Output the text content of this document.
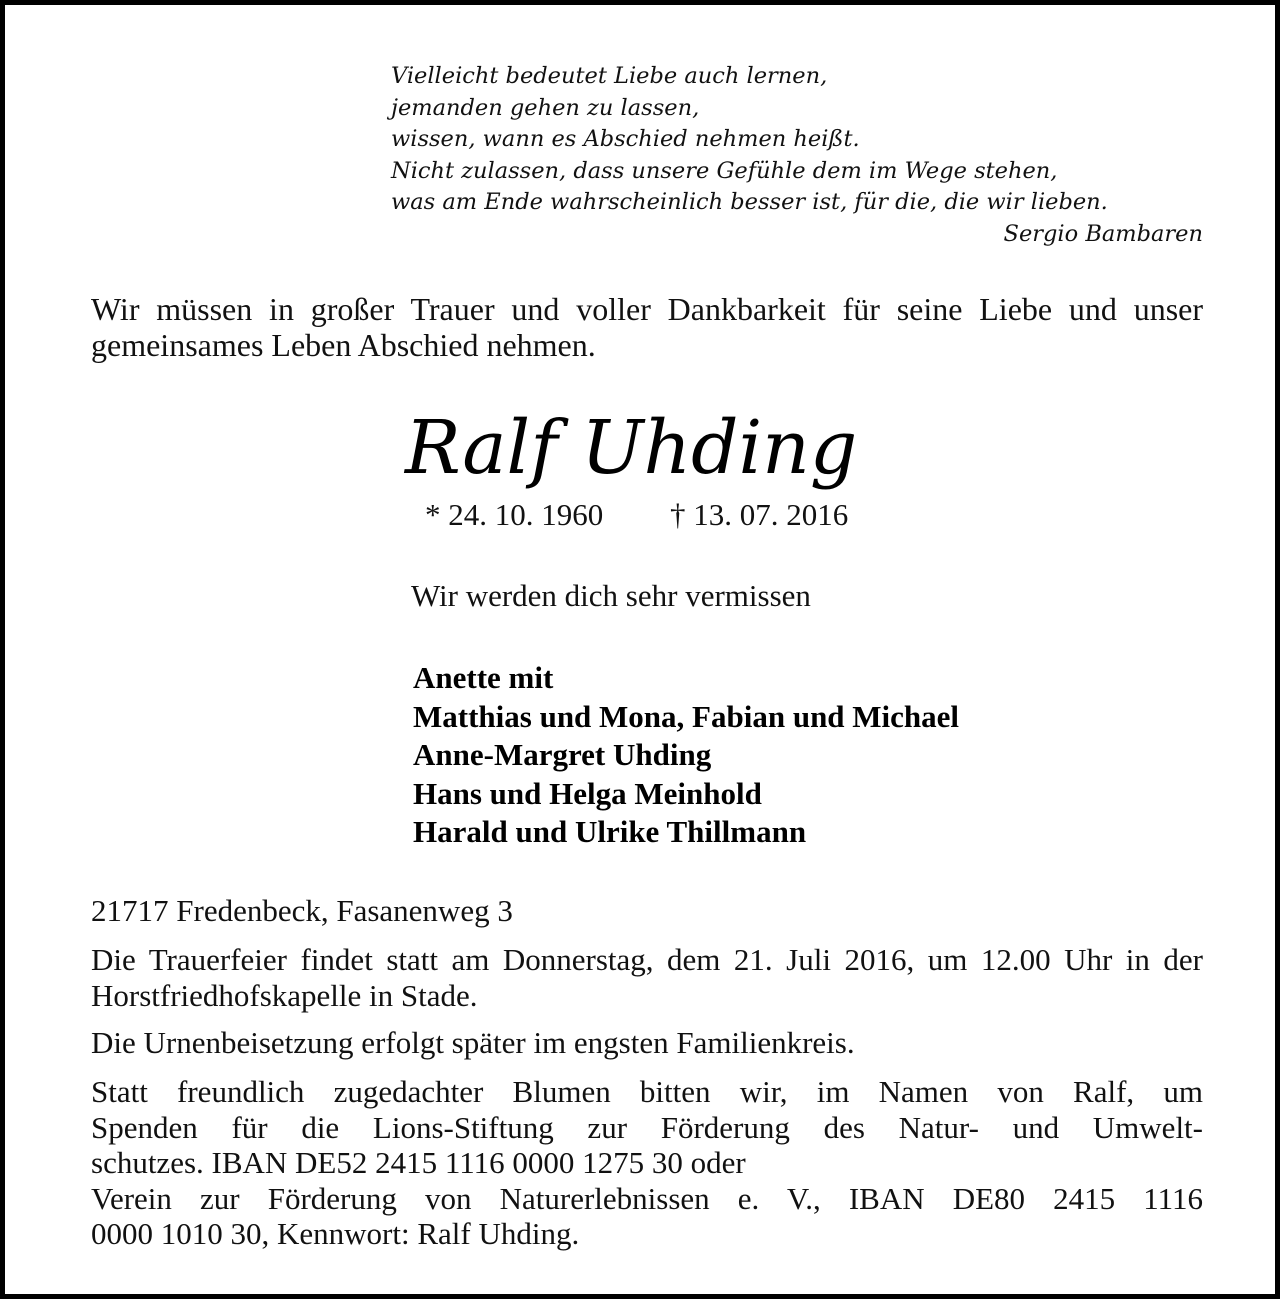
Vielleicht bedeutet Liebe auch lernen,
jemanden gehen zu lassen,
wissen, wann es Abschied nehmen heißt.
Nicht zulassen, dass unsere Gefühle dem im Wege stehen,
was am Ende wahrscheinlich besser ist, für die, die wir lieben.
Sergio Bambaren
Wir müssen in großer Trauer und voller Dankbarkeit für seine Liebe und unser gemeinsames Leben Abschied nehmen.
Ralf Uhding
* 24. 10. 1960 † 13. 07. 2016
Wir werden dich sehr vermissen
Anette mit
Matthias und Mona, Fabian und Michael
Anne-Margret Uhding
Hans und Helga Meinhold
Harald und Ulrike Thillmann
21717 Fredenbeck, Fasanenweg 3
Die Trauerfeier findet statt am Donnerstag, dem 21. Juli 2016, um 12.00 Uhr in der Horstfriedhofskapelle in Stade.
Die Urnenbeisetzung erfolgt später im engsten Familienkreis.
Statt freundlich zugedachter Blumen bitten wir, im Namen von Ralf, um
Spenden für die Lions-Stiftung zur Förderung des Natur- und Umwelt-
schutzes. IBAN DE52 2415 1116 0000 1275 30 oder
Verein zur Förderung von Naturerlebnissen e. V., IBAN DE80 2415 1116
0000 1010 30, Kennwort: Ralf Uhding.
